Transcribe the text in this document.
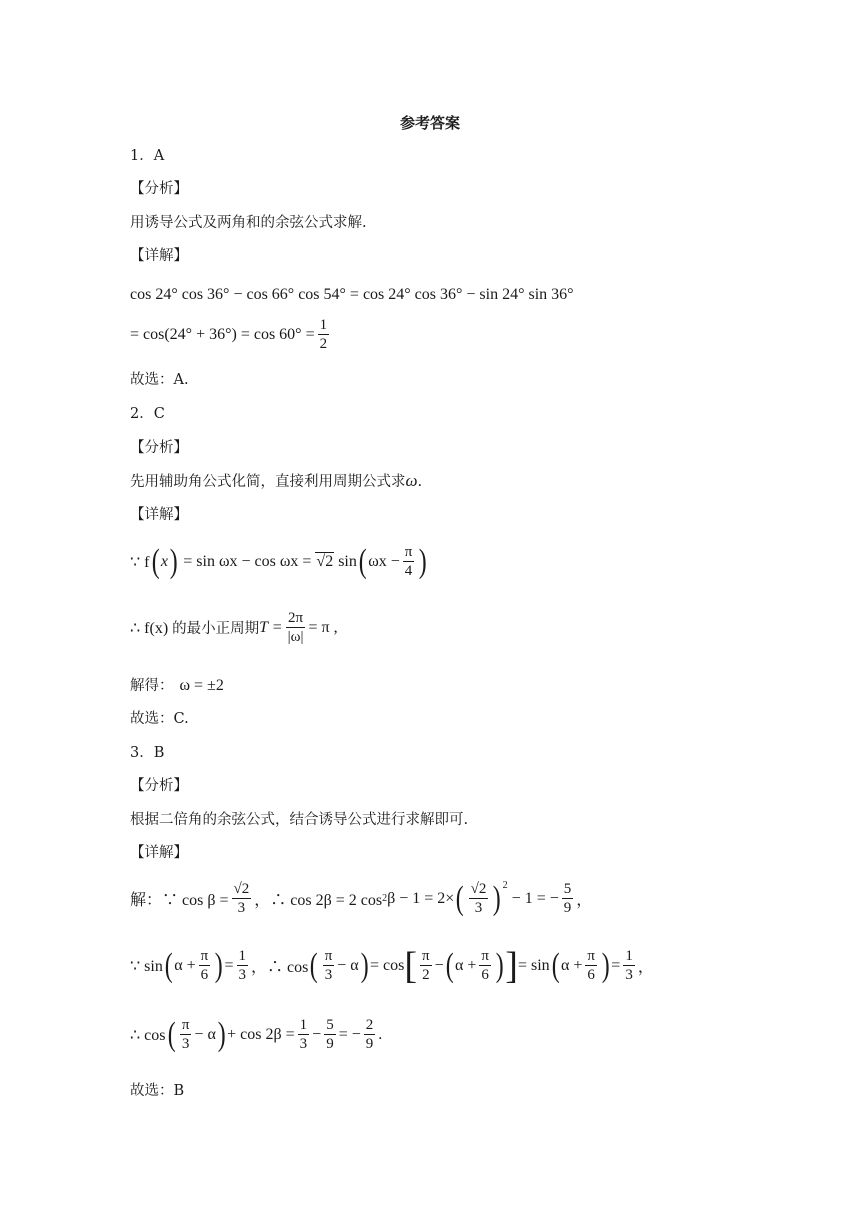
参考答案
1．A
【分析】
用诱导公式及两角和的余弦公式求解.
【详解】
cos 24° cos 36° − cos 66° cos 54° = cos 24° cos 36° − sin 24° sin 36°
= $\cos(24^\circ + 36^\circ) = \cos 60^\circ = \frac{1}{2}$
故选：A.
2．C
【分析】
先用辅助角公式化简，直接利用周期公式求ω.
【详解】
∵ f ( x ) = sin ωx − cos ωx = √2 sin ( $\omega x - \frac{\pi}{4}$ )
∴ f(x) 的最小正周期 $T = \frac{2\pi}{|\omega|} = \pi$ ,
解得： ω = ±2
故选：C.
3．B
【分析】
根据二倍角的余弦公式，结合诱导公式进行求解即可.
【详解】
解：∵ $\cos \beta = \frac{√2}{3}$ ，∴ cos 2β = 2 cos 2 β − 1 = 2× ( $\frac{√2}{3}$ ) 2
− 1 = − $\frac{5}{9}$ ，
∵ sin ( $\alpha + \frac{\pi}{6}$ ) = $\frac{1}{3}$ ，∴ cos ( $\frac{\pi}{3} - \alpha$ ) = cos [ $\frac{\pi}{2}$ − ( $\alpha + \frac{\pi}{6}$ ) ] = sin ( $\alpha + \frac{\pi}{6}$ ) = $\frac{1}{3}$ ，
∴ cos ( $\frac{\pi}{3} - \alpha$ ) + $\cos 2\beta = \frac{1}{3} - \frac{5}{9}$ = − $\frac{2}{9}$ .
故选：B
